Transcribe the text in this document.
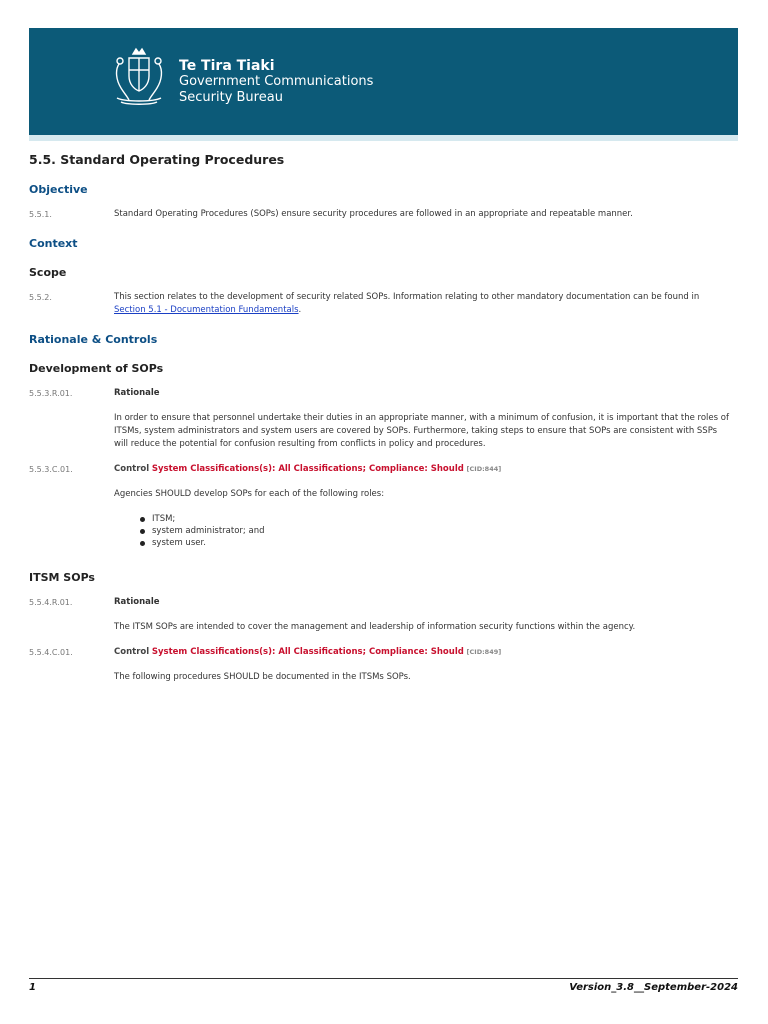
Te Tira Tiaki
Government Communications
Security Bureau
5.5. Standard Operating Procedures
Objective
5.5.1.	Standard Operating Procedures (SOPs) ensure security procedures are followed in an appropriate and repeatable manner.
Context
Scope
5.5.2.	This section relates to the development of security related SOPs. Information relating to other mandatory documentation can be found in Section 5.1 - Documentation Fundamentals.
Rationale & Controls
Development of SOPs
5.5.3.R.01.	Rationale
In order to ensure that personnel undertake their duties in an appropriate manner, with a minimum of confusion, it is important that the roles of ITSMs, system administrators and system users are covered by SOPs. Furthermore, taking steps to ensure that SOPs are consistent with SSPs will reduce the potential for confusion resulting from conflicts in policy and procedures.
5.5.3.C.01.	Control System Classifications(s): All Classifications; Compliance: Should [CID:844]
Agencies SHOULD develop SOPs for each of the following roles:
ITSM;
system administrator; and
system user.
ITSM SOPs
5.5.4.R.01.	Rationale
The ITSM SOPs are intended to cover the management and leadership of information security functions within the agency.
5.5.4.C.01.	Control System Classifications(s): All Classifications; Compliance: Should [CID:849]
The following procedures SHOULD be documented in the ITSMs SOPs.
1	Version_3.8__September-2024
